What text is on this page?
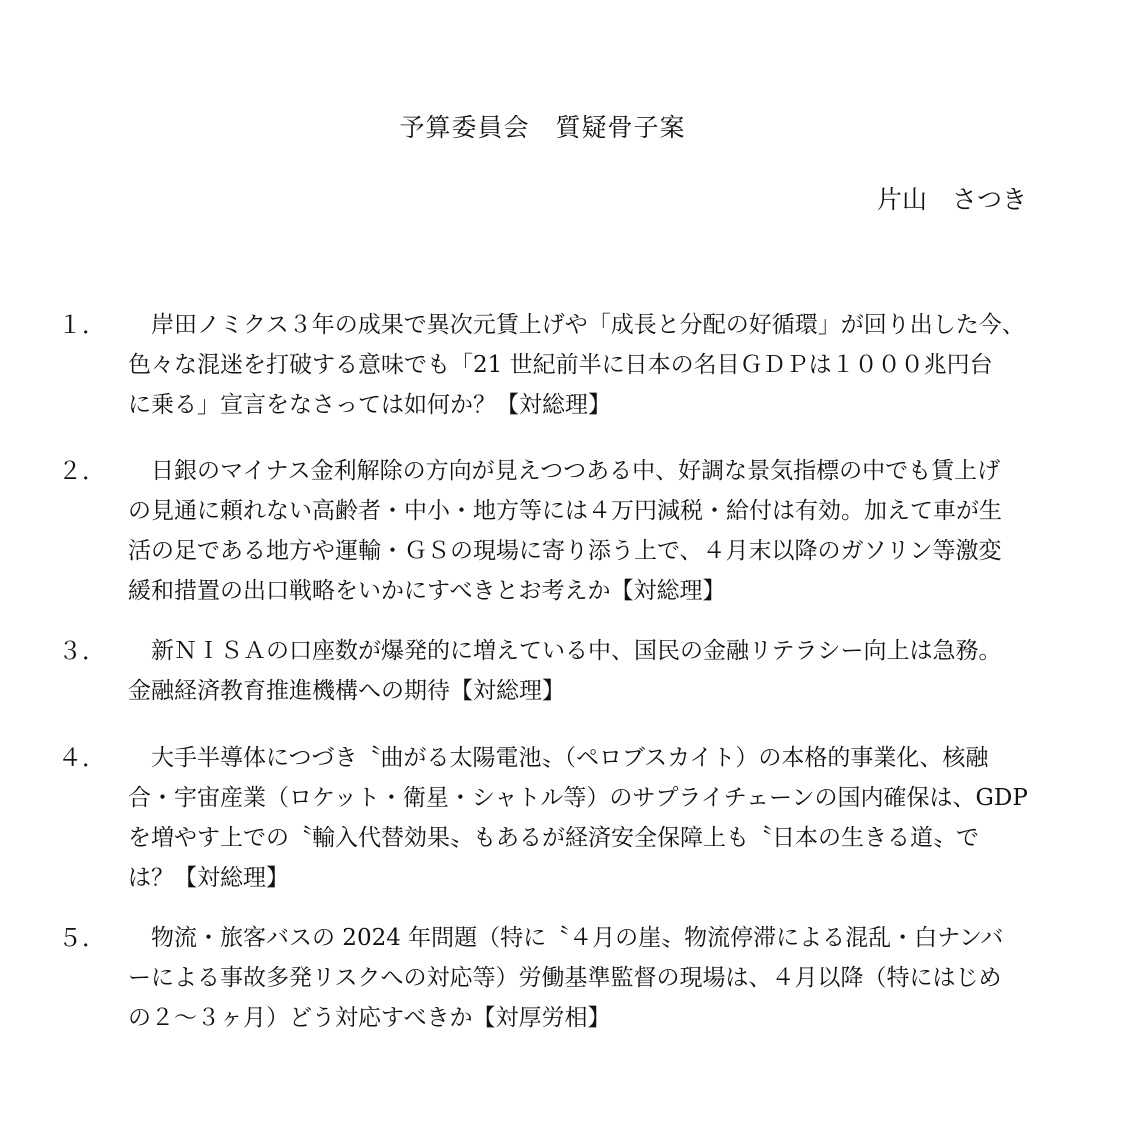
予算委員会　質疑骨子案
片山　さつき
１．	岸田ノミクス３年の成果で異次元賃上げや「成長と分配の好循環」が回り出した今、
色々な混迷を打破する意味でも「21 世紀前半に日本の名目ＧＤＰは１０００兆円台
に乗る」宣言をなさっては如何か？【対総理】
２．	日銀のマイナス金利解除の方向が見えつつある中、好調な景気指標の中でも賃上げ
の見通に頼れない高齢者・中小・地方等には４万円減税・給付は有効。加えて車が生
活の足である地方や運輸・ＧＳの現場に寄り添う上で、４月末以降のガソリン等激変
緩和措置の出口戦略をいかにすべきとお考えか【対総理】
３．	新ＮＩＳＡの口座数が爆発的に増えている中、国民の金融リテラシー向上は急務。
金融経済教育推進機構への期待【対総理】
４．	大手半導体につづき〝曲がる太陽電池〟（ペロブスカイト）の本格的事業化、核融
合・宇宙産業（ロケット・衛星・シャトル等）のサプライチェーンの国内確保は、GDP
を増やす上での〝輸入代替効果〟もあるが経済安全保障上も〝日本の生きる道〟で
は？【対総理】
５．	物流・旅客バスの 2024 年問題（特に〝４月の崖〟物流停滞による混乱・白ナンバ
ーによる事故多発リスクへの対応等）労働基準監督の現場は、４月以降（特にはじめ
の２～３ヶ月）どう対応すべきか【対厚労相】
